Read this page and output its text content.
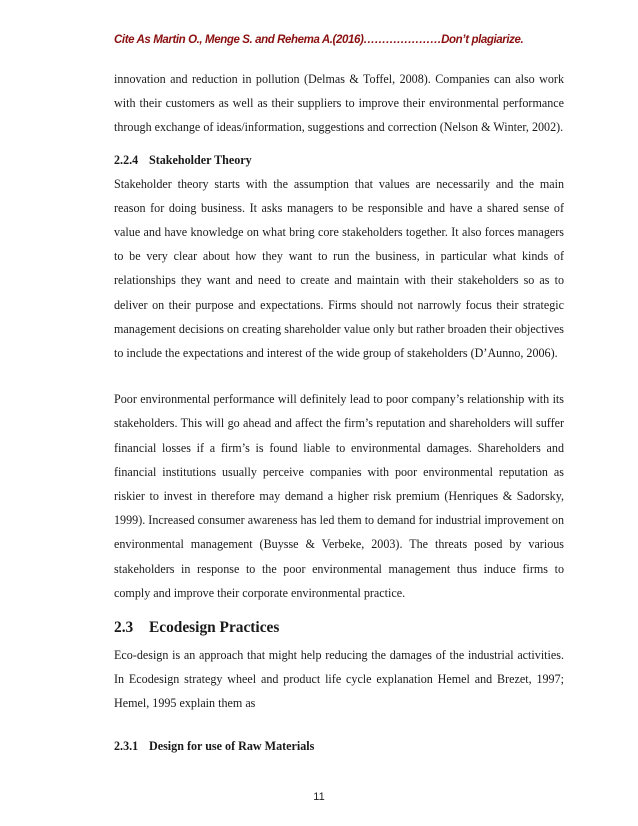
Cite As Martin O., Menge S. and Rehema A.(2016)…………………Don’t plagiarize.

innovation and reduction in pollution (Delmas & Toffel, 2008). Companies can also work with their customers as well as their suppliers to improve their environmental performance through exchange of ideas/information, suggestions and correction (Nelson & Winter, 2002).

2.2.4 Stakeholder Theory

Stakeholder theory starts with the assumption that values are necessarily and the main reason for doing business. It asks managers to be responsible and have a shared sense of value and have knowledge on what bring core stakeholders together. It also forces managers to be very clear about how they want to run the business, in particular what kinds of relationships they want and need to create and maintain with their stakeholders so as to deliver on their purpose and expectations. Firms should not narrowly focus their strategic management decisions on creating shareholder value only but rather broaden their objectives to include the expectations and interest of the wide group of stakeholders (D’Aunno, 2006).

Poor environmental performance will definitely lead to poor company’s relationship with its stakeholders. This will go ahead and affect the firm’s reputation and shareholders will suffer financial losses if a firm’s is found liable to environmental damages. Shareholders and financial institutions usually perceive companies with poor environmental reputation as riskier to invest in therefore may demand a higher risk premium (Henriques & Sadorsky, 1999). Increased consumer awareness has led them to demand for industrial improvement on environmental management (Buysse & Verbeke, 2003). The threats posed by various stakeholders in response to the poor environmental management thus induce firms to comply and improve their corporate environmental practice.

2.3 Ecodesign Practices

Eco-design is an approach that might help reducing the damages of the industrial activities. In Ecodesign strategy wheel and product life cycle explanation Hemel and Brezet, 1997; Hemel, 1995 explain them as

2.3.1 Design for use of Raw Materials
11
